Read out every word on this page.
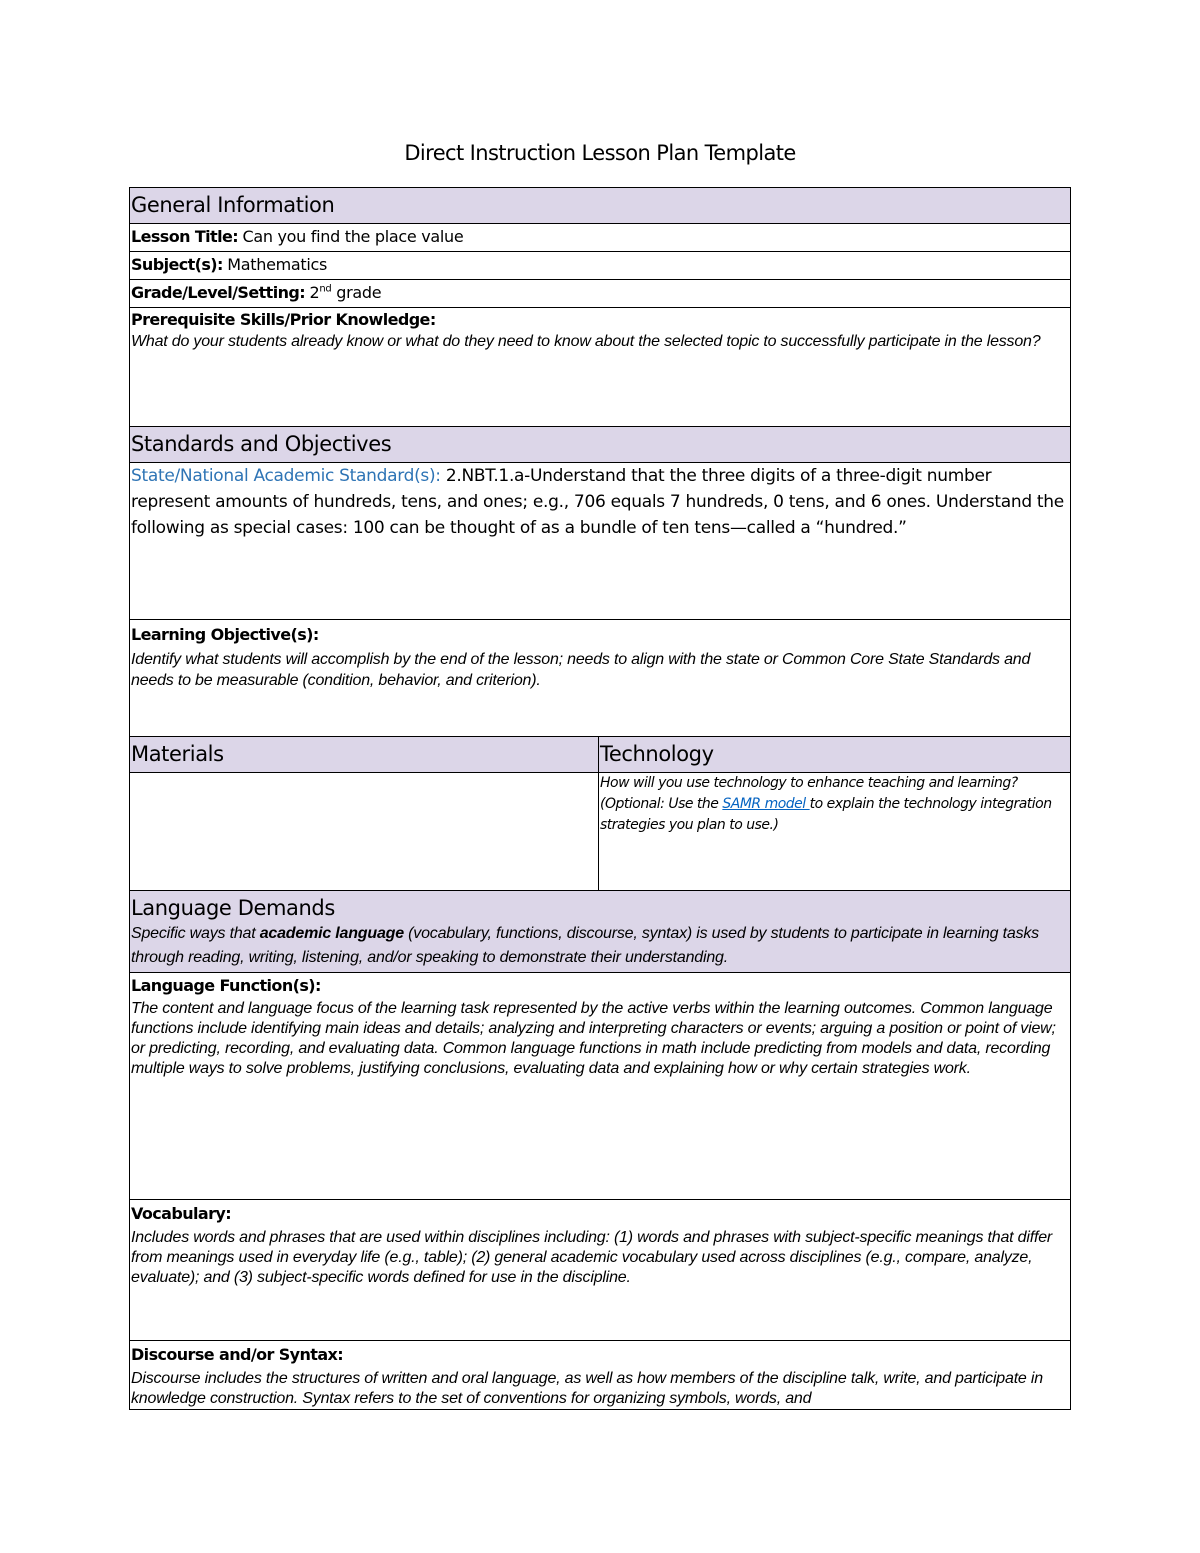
Direct Instruction Lesson Plan Template
General Information	

Lesson Title: Can you find the place value	
Subject(s): Mathematics	
Grade/Level/Setting: 2nd grade	

Prerequisite Skills/Prior Knowledge:
What do your students already know or what do they need to know about the selected topic to successfully participate in the lesson?	

Standards and Objectives	

State/National Academic Standard(s): 2.NBT.1.a-Understand that the three digits of a three-digit number represent amounts of hundreds, tens, and ones; e.g., 706 equals 7 hundreds, 0 tens, and 6 ones. Understand the following as special cases: 100 can be thought of as a bundle of ten tens—called a “hundred.”	

Learning Objective(s):
Identify what students will accomplish by the end of the lesson; needs to align with the state or Common Core State Standards and needs to be measurable (condition, behavior, and criterion).	

Materials	Technology

	How will you use technology to enhance teaching and learning?
(Optional: Use the SAMR model to explain the technology integration strategies you plan to use.)

Language Demands
Specific ways that academic language (vocabulary, functions, discourse, syntax) is used by students to participate in learning tasks through reading, writing, listening, and/or speaking to demonstrate their understanding.	

Language Function(s):
The content and language focus of the learning task represented by the active verbs within the learning outcomes. Common language functions include identifying main ideas and details; analyzing and interpreting characters or events; arguing a position or point of view; or predicting, recording, and evaluating data. Common language functions in math include predicting from models and data, recording multiple ways to solve problems, justifying conclusions, evaluating data and explaining how or why certain strategies work.	

Vocabulary:
Includes words and phrases that are used within disciplines including: (1) words and phrases with subject-specific meanings that differ from meanings used in everyday life (e.g., table); (2) general academic vocabulary used across disciplines (e.g., compare, analyze, evaluate); and (3) subject-specific words defined for use in the discipline.	

Discourse and/or Syntax:
Discourse includes the structures of written and oral language, as well as how members of the discipline talk, write, and participate in knowledge construction. Syntax refers to the set of conventions for organizing symbols, words, and	
